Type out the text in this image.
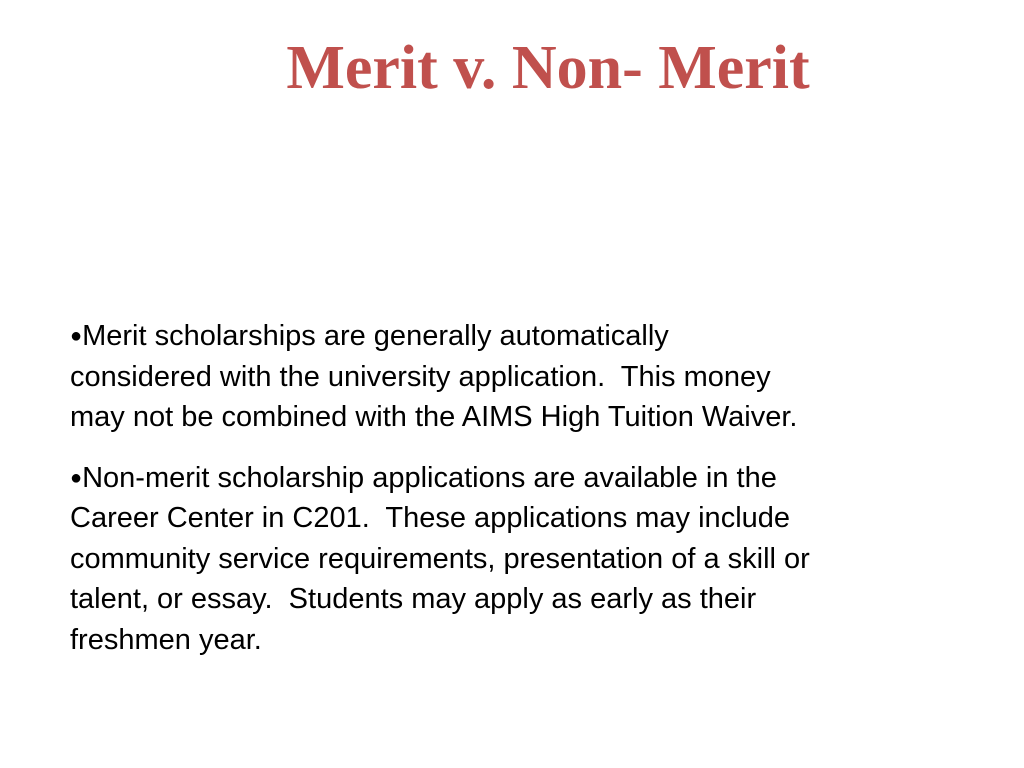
Merit v. Non- Merit

●Merit scholarships are generally automatically
considered with the university application.  This money
may not be combined with the AIMS High Tuition Waiver.

●Non-merit scholarship applications are available in the
Career Center in C201.  These applications may include
community service requirements, presentation of a skill or
talent, or essay.  Students may apply as early as their
freshmen year.
